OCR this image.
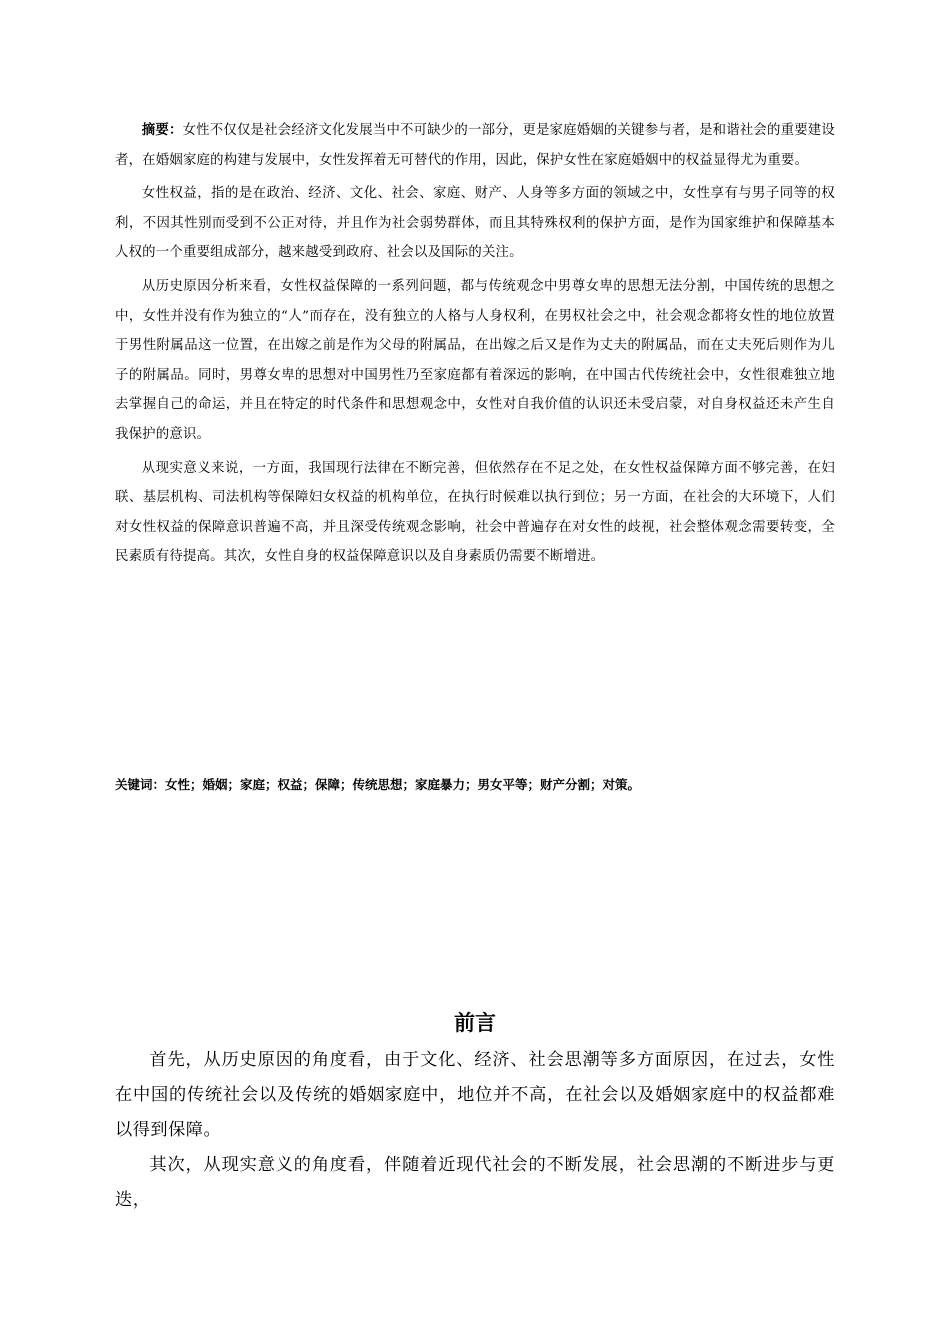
摘要：女性不仅仅是社会经济文化发展当中不可缺少的一部分，更是家庭婚姻的关键参与者，是和谐社会的重要建设者，在婚姻家庭的构建与发展中，女性发挥着无可替代的作用，因此，保护女性在家庭婚姻中的权益显得尤为重要。

女性权益，指的是在政治、经济、文化、社会、家庭、财产、人身等多方面的领域之中，女性享有与男子同等的权利，不因其性别而受到不公正对待，并且作为社会弱势群体，而且其特殊权利的保护方面，是作为国家维护和保障基本人权的一个重要组成部分，越来越受到政府、社会以及国际的关注。

从历史原因分析来看，女性权益保障的一系列问题，都与传统观念中男尊女卑的思想无法分割，中国传统的思想之中，女性并没有作为独立的“人”而存在，没有独立的人格与人身权利，在男权社会之中，社会观念都将女性的地位放置于男性附属品这一位置，在出嫁之前是作为父母的附属品，在出嫁之后又是作为丈夫的附属品，而在丈夫死后则作为儿子的附属品。同时，男尊女卑的思想对中国男性乃至家庭都有着深远的影响，在中国古代传统社会中，女性很难独立地去掌握自己的命运，并且在特定的时代条件和思想观念中，女性对自我价值的认识还未受启蒙，对自身权益还未产生自我保护的意识。

从现实意义来说，一方面，我国现行法律在不断完善，但依然存在不足之处，在女性权益保障方面不够完善，在妇联、基层机构、司法机构等保障妇女权益的机构单位，在执行时候难以执行到位；另一方面，在社会的大环境下，人们对女性权益的保障意识普遍不高，并且深受传统观念影响，社会中普遍存在对女性的歧视，社会整体观念需要转变，全民素质有待提高。其次，女性自身的权益保障意识以及自身素质仍需要不断增进。

关键词：女性；婚姻；家庭；权益；保障；传统思想；家庭暴力；男女平等；财产分割；对策。
前言

首先，从历史原因的角度看，由于文化、经济、社会思潮等多方面原因，在过去，女性在中国的传统社会以及传统的婚姻家庭中，地位并不高，在社会以及婚姻家庭中的权益都难以得到保障。

其次，从现实意义的角度看，伴随着近现代社会的不断发展，社会思潮的不断进步与更迭，
